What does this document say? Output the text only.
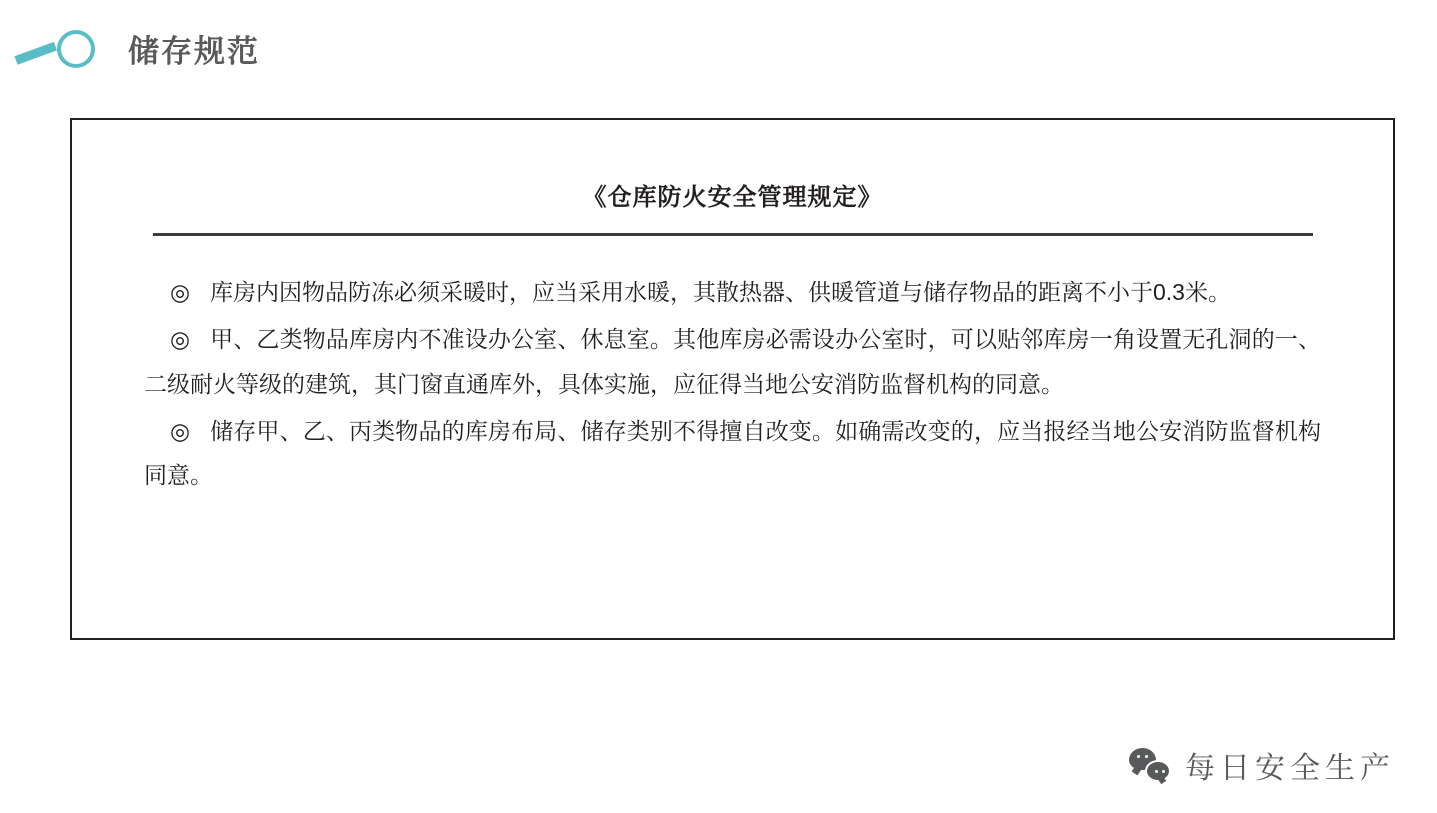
储存规范
《仓库防火安全管理规定》

◎ 库房内因物品防冻必须采暖时，应当采用水暖，其散热器、供暖管道与储存物品的距离不小于0.3米。

◎ 甲、乙类物品库房内不准设办公室、休息室。其他库房必需设办公室时，可以贴邻库房一角设置无孔洞的一、二级耐火等级的建筑，其门窗直通库外，具体实施，应征得当地公安消防监督机构的同意。

◎ 储存甲、乙、丙类物品的库房布局、储存类别不得擅自改变。如确需改变的，应当报经当地公安消防监督机构同意。

每日安全生产
